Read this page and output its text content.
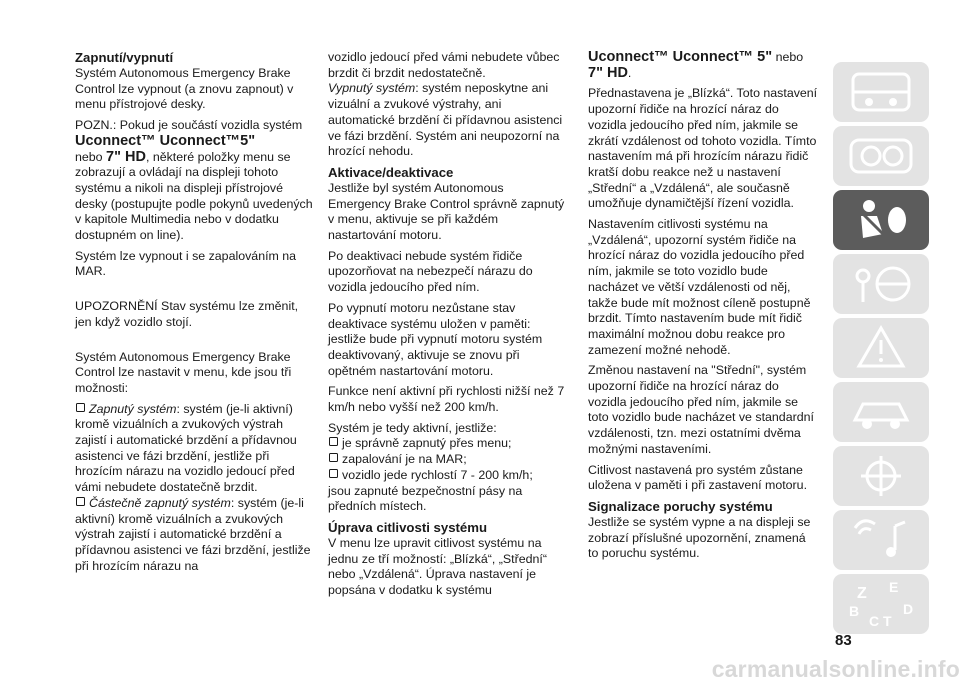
Zapnutí/vypnutí

Systém Autonomous Emergency Brake Control lze vypnout (a znovu zapnout) v menu přístrojové desky.

POZN.: Pokud je součástí vozidla systém Uconnect™ Uconnect™5"
nebo 7" HD, některé položky menu se zobrazují a ovládají na displeji tohoto systému a nikoli na displeji přístrojové desky (postupujte podle pokynů uvedených v kapitole Multimedia nebo v dodatku dostupném on line).

Systém lze vypnout i se zapalováním na MAR.

UPOZORNĚNÍ Stav systému lze změnit, jen když vozidlo stojí.

Systém Autonomous Emergency Brake Control lze nastavit v menu, kde jsou tři možnosti:

Zapnutý systém: systém (je-li aktivní) kromě vizuálních a zvukových výstrah zajistí i automatické brzdění a přídavnou asistenci ve fázi brzdění, jestliže při hrozícím nárazu na vozidlo jedoucí před vámi nebudete dostatečně brzdit.

Částečně zapnutý systém: systém (je-li aktivní) kromě vizuálních a zvukových výstrah zajistí i automatické brzdění a přídavnou asistenci ve fázi brzdění, jestliže při hrozícím nárazu na

vozidlo jedoucí před vámi nebudete vůbec brzdit či brzdit nedostatečně.

Vypnutý systém: systém neposkytne ani vizuální a zvukové výstrahy, ani automatické brzdění či přídavnou asistenci ve fázi brzdění. Systém ani neupozorní na hrozící nehodu.

Aktivace/deaktivace

Jestliže byl systém Autonomous Emergency Brake Control správně zapnutý v menu, aktivuje se při každém nastartování motoru.

Po deaktivaci nebude systém řidiče upozorňovat na nebezpečí nárazu do vozidla jedoucího před ním.

Po vypnutí motoru nezůstane stav deaktivace systému uložen v paměti: jestliže bude při vypnutí motoru systém deaktivovaný, aktivuje se znovu při opětném nastartování motoru.

Funkce není aktivní při rychlosti nižší než 7 km/h nebo vyšší než 200 km/h.

Systém je tedy aktivní, jestliže:

je správně zapnutý přes menu;

zapalování je na MAR;

vozidlo jede rychlostí 7 - 200 km/h;

jsou zapnuté bezpečnostní pásy na předních místech.

Úprava citlivosti systému

V menu lze upravit citlivost systému na jednu ze tří možností: „Blízká“, „Střední“ nebo „Vzdálená“. Úprava nastavení je popsána v dodatku k systému

Uconnect™ Uconnect™ 5" nebo 7" HD.

Přednastavena je „Blízká“. Toto nastavení upozorní řidiče na hrozící náraz do vozidla jedoucího před ním, jakmile se zkrátí vzdálenost od tohoto vozidla. Tímto nastavením má při hrozícím nárazu řidič kratší dobu reakce než u nastavení „Střední“ a „Vzdálená“, ale současně umožňuje dynamičtější řízení vozidla.

Nastavením citlivosti systému na „Vzdálená“, upozorní systém řidiče na hrozící náraz do vozidla jedoucího před ním, jakmile se toto vozidlo bude nacházet ve větší vzdálenosti od něj, takže bude mít možnost cíleně postupně brzdit. Tímto nastavením bude mít řidič maximální možnou dobu reakce pro zamezení možné nehodě.

Změnou nastavení na "Střední", systém upozorní řidiče na hrozící náraz do vozidla jedoucího před ním, jakmile se toto vozidlo bude nacházet ve standardní vzdálenosti, tzn. mezi ostatními dvěma možnými nastaveními.

Citlivost nastavená pro systém zůstane uložena v paměti i při zastavení motoru.

Signalizace poruchy systému

Jestliže se systém vypne a na displeji se zobrazí příslušné upozornění, znamená to poruchu systému.

Z E
B
C T
D
83
carmanualsonline.info
